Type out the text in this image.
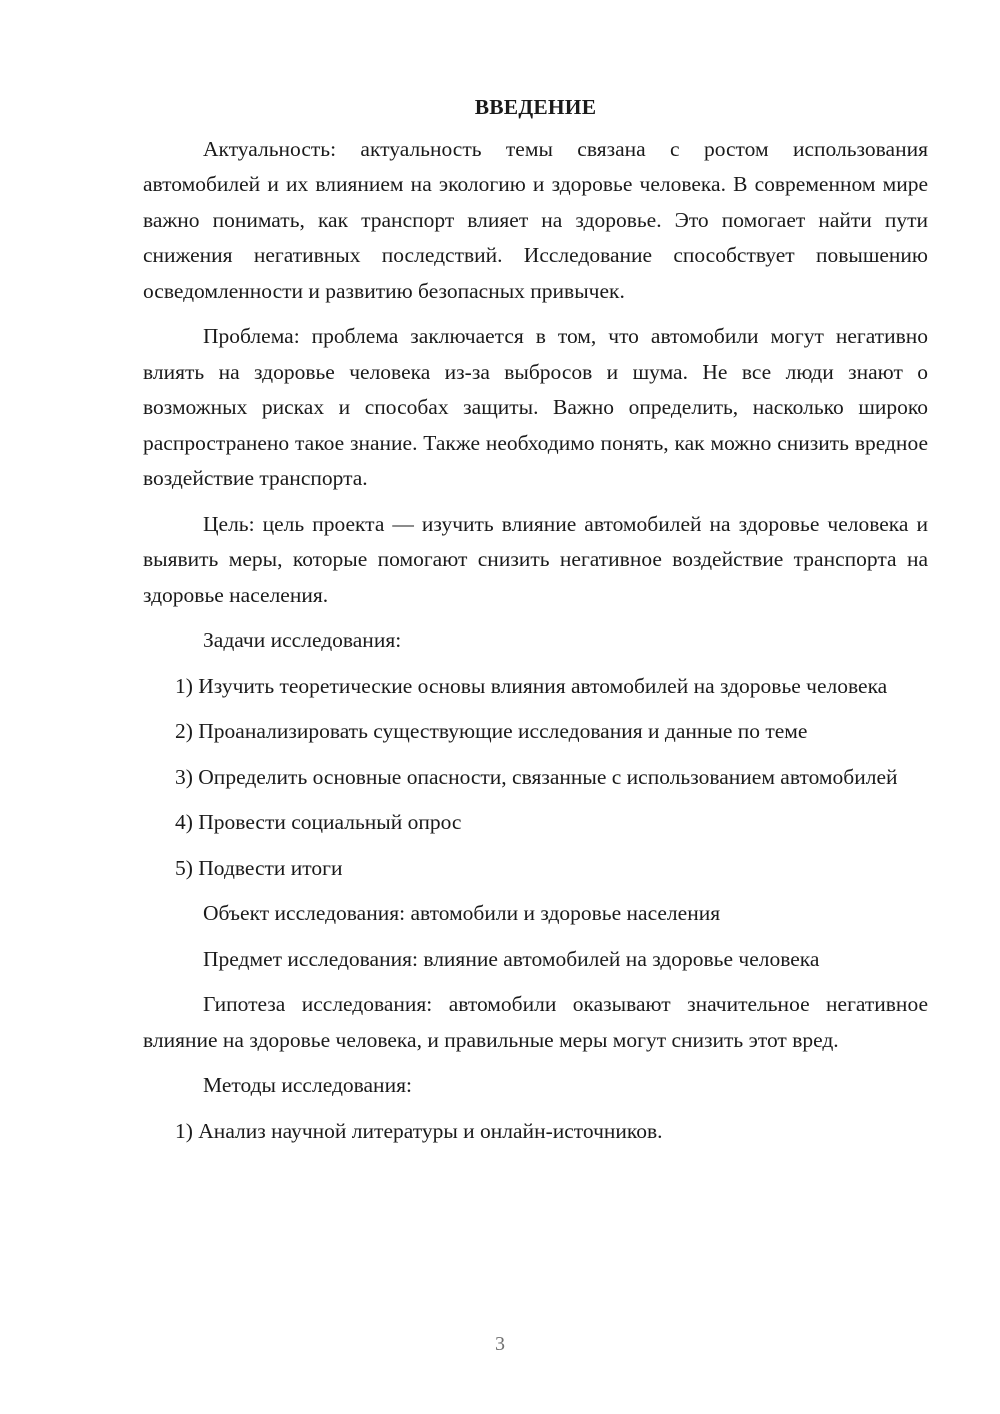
ВВЕДЕНИЕ

Актуальность: актуальность темы связана с ростом использования автомобилей и их влиянием на экологию и здоровье человека. В современном мире важно понимать, как транспорт влияет на здоровье. Это помогает найти пути снижения негативных последствий. Исследование способствует повышению осведомленности и развитию безопасных привычек.

Проблема: проблема заключается в том, что автомобили могут негативно влиять на здоровье человека из-за выбросов и шума. Не все люди знают о возможных рисках и способах защиты. Важно определить, насколько широко распространено такое знание. Также необходимо понять, как можно снизить вредное воздействие транспорта.

Цель: цель проекта — изучить влияние автомобилей на здоровье человека и выявить меры, которые помогают снизить негативное воздействие транспорта на здоровье населения.

Задачи исследования:

1) Изучить теоретические основы влияния автомобилей на здоровье человека

2) Проанализировать существующие исследования и данные по теме

3) Определить основные опасности, связанные с использованием автомобилей

4) Провести социальный опрос

5) Подвести итоги

Объект исследования: автомобили и здоровье населения

Предмет исследования: влияние автомобилей на здоровье человека

Гипотеза исследования: автомобили оказывают значительное негативное влияние на здоровье человека, и правильные меры могут снизить этот вред.

Методы исследования:

1) Анализ научной литературы и онлайн-источников.

3
